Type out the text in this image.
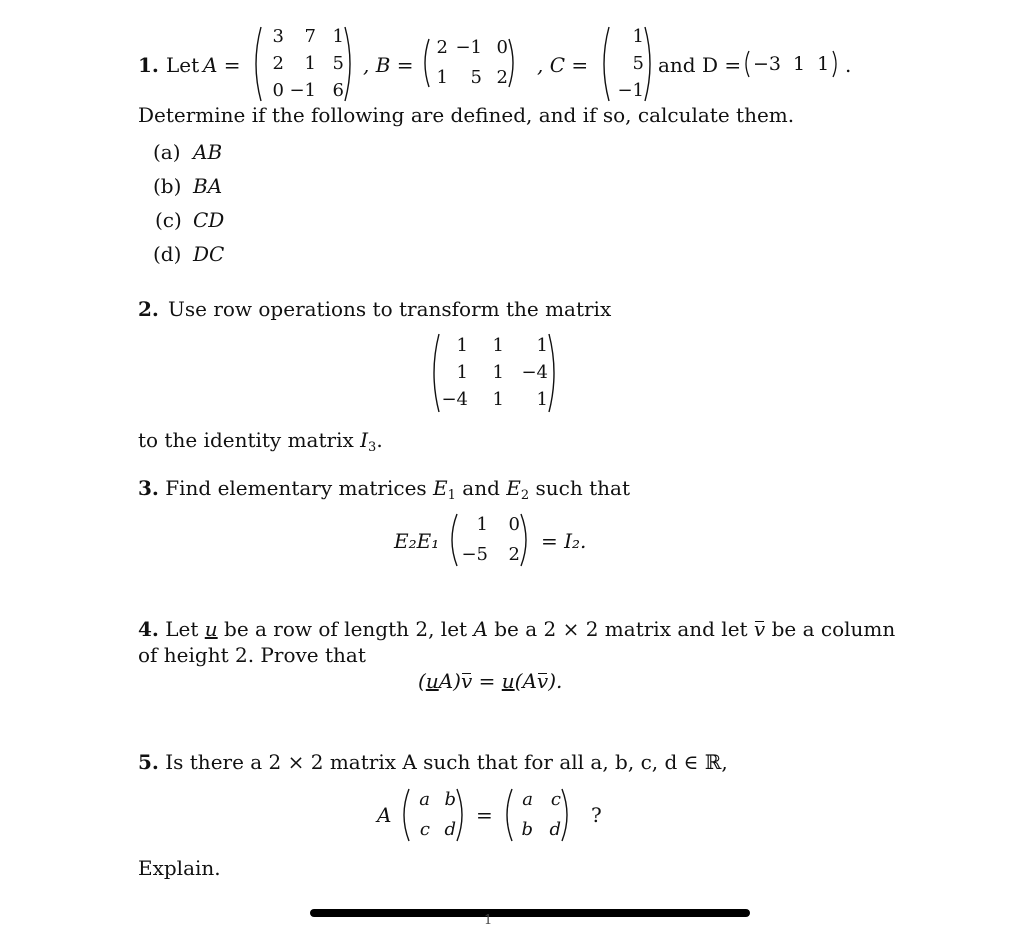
1. Let A =
3	7 1
2	1 5
0 −1 6
, B =
2 −1 0
1	5 2
, C =
1
5
−1
and D = −3 1 1 .
Determine if the following are defined, and if so, calculate them.
(a) AB
(b) BA
(c) CD
(d) DC
2. Use row operations to transform the matrix
1	1	1
1	1 −4
−4	1	1
to the identity matrix $I_3$.
3. Find elementary matrices $E_1$ and $E_2$ such that
E₂E₁
1	0
−5	2
= I₂.
4. Let u be a row of length 2, let A be a 2 × 2 matrix and let v be a column
of height 2. Prove that
(uA)v = u(Av).
5. Is there a 2 × 2 matrix A such that for all a, b, c, d ∈ ℝ,
A
a b
c d
=
a c
b d
?
Explain.
1
